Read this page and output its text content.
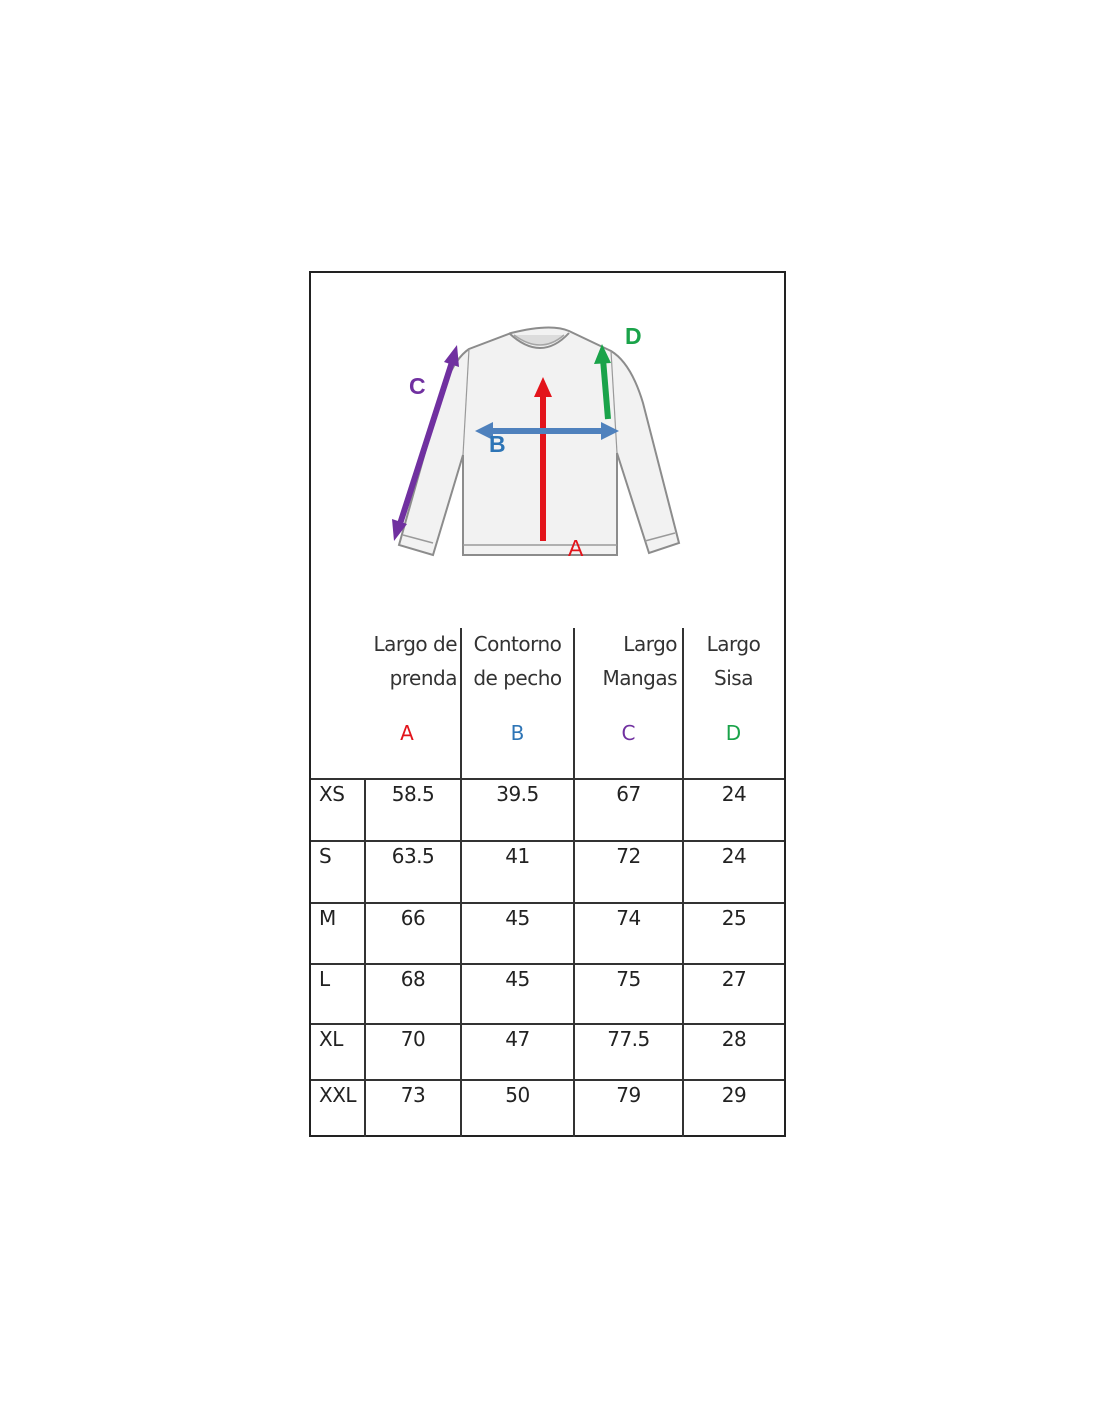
A
B
C
D
Largo de
prenda
A
Contorno
de pecho
B
Largo
Mangas
C
Largo
Sisa
D
XS	58.5	39.5	67	24
S	63.5	41	72	24
M	66	45	74	25
L	68	45	75	27
XL	70	47	77.5	28
XXL	73	50	79	29
